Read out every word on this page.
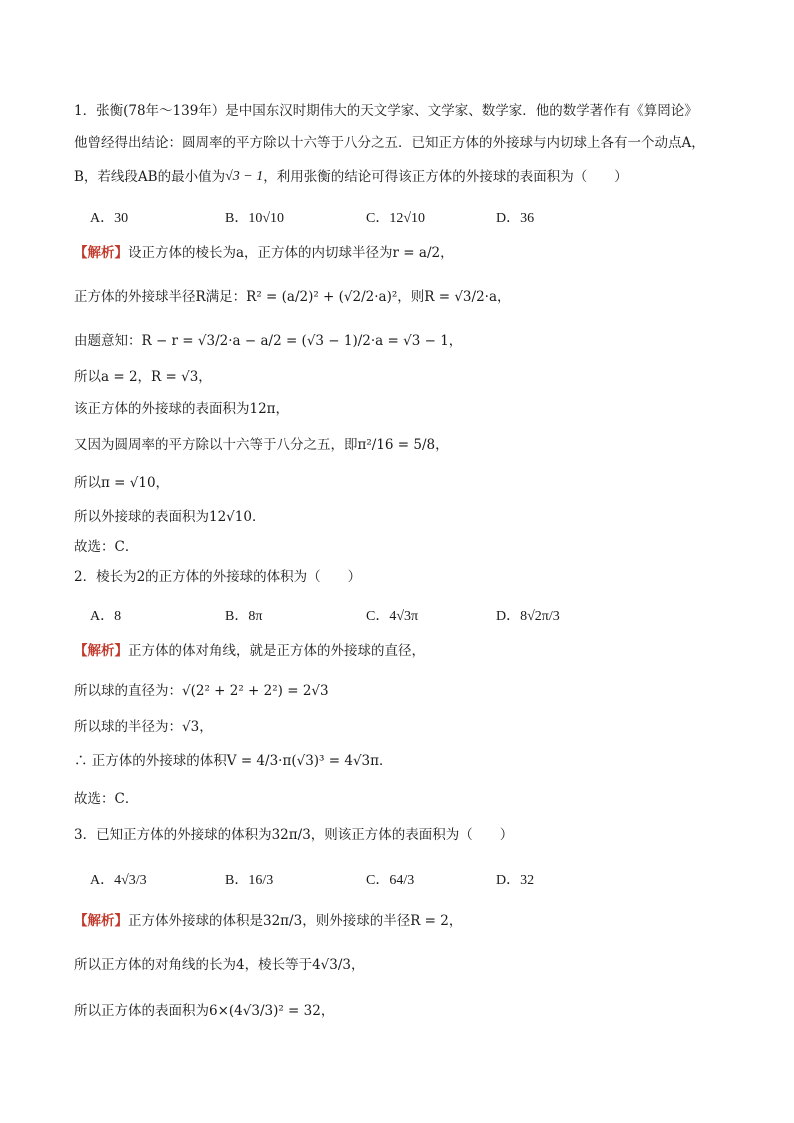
1．张衡(78年～139年）是中国东汉时期伟大的天文学家、文学家、数学家．他的数学著作有《算罔论》
他曾经得出结论：圆周率的平方除以十六等于八分之五．已知正方体的外接球与内切球上各有一个动点A，
B，若线段AB的最小值为 √3 − 1 ，利用张衡的结论可得该正方体的外接球的表面积为（　　）
A．30	B．10√10	C．12√10	D．36
【解析】 设正方体的棱长为a，正方体的内切球半径为r = a/2，
正方体的外接球半径R满足：R² = (a/2)² + (√2/2·a)²，则R = √3/2·a，
由题意知：R − r = √3/2·a − a/2 = (√3 − 1)/2·a = √3 − 1，
所以a = 2，R = √3，
该正方体的外接球的表面积为12π，
又因为圆周率的平方除以十六等于八分之五，即π²/16 = 5/8，
所以π = √10，
所以外接球的表面积为12√10．
故选：C．
2．棱长为2的正方体的外接球的体积为（　　）
A．8	B．8π	C．4√3π	D．8√2π/3
【解析】 正方体的体对角线，就是正方体的外接球的直径，
所以球的直径为：√(2² + 2² + 2²) = 2√3
所以球的半径为：√3，
∴ 正方体的外接球的体积V = 4/3·π(√3)³ = 4√3π．
故选：C．
3．已知正方体的外接球的体积为32π/3，则该正方体的表面积为（　　）
A．4√3/3	B．16/3	C．64/3	D．32
【解析】 正方体外接球的体积是32π/3，则外接球的半径R = 2，
所以正方体的对角线的长为4，棱长等于4√3/3，
所以正方体的表面积为6×(4√3/3)² = 32，
